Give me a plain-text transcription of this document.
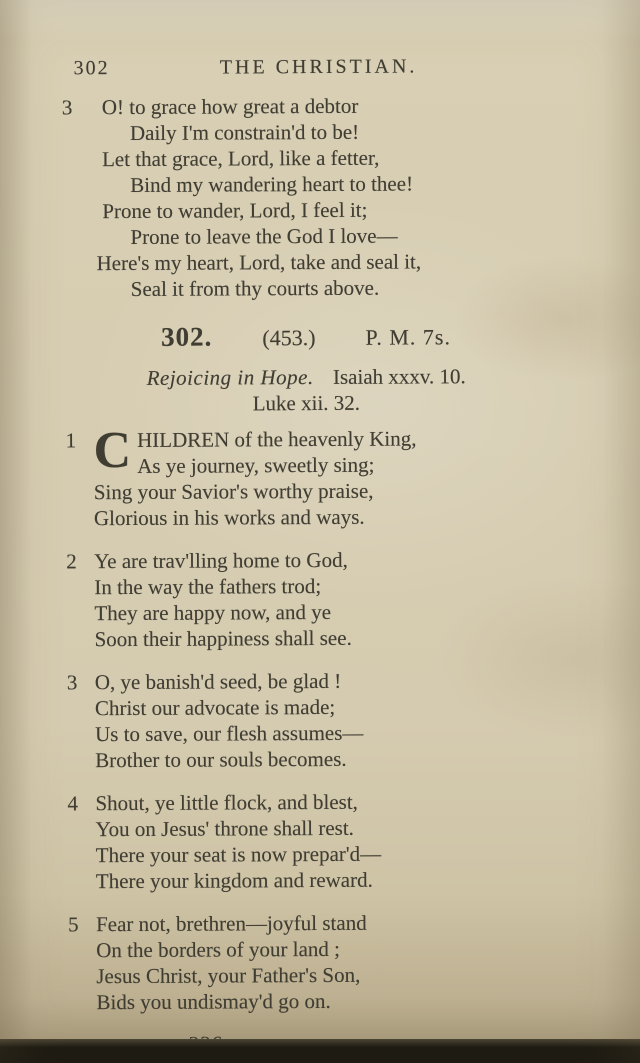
302	THE CHRISTIAN.
3 O! to grace how great a debtor
Daily I'm constrain'd to be!
Let that grace, Lord, like a fetter,
Bind my wandering heart to thee!
Prone to wander, Lord, I feel it;
Prone to leave the God I love—
Here's my heart, Lord, take and seal it,
Seal it from thy courts above.
302. (453.) P. M. 7s.
Rejoicing in Hope. Isaiah xxxv. 10.
Luke xii. 32.
1 C HILDREN of the heavenly King,
As ye journey, sweetly sing;
Sing your Savior's worthy praise,
Glorious in his works and ways.
2 Ye are trav'lling home to God,
In the way the fathers trod;
They are happy now, and ye
Soon their happiness shall see.
3 O, ye banish'd seed, be glad !
Christ our advocate is made;
Us to save, our flesh assumes—
Brother to our souls becomes.
4 Shout, ye little flock, and blest,
You on Jesus' throne shall rest.
There your seat is now prepar'd—
There your kingdom and reward.
5 Fear not, brethren—joyful stand
On the borders of your land ;
Jesus Christ, your Father's Son,
Bids you undismay'd go on.
